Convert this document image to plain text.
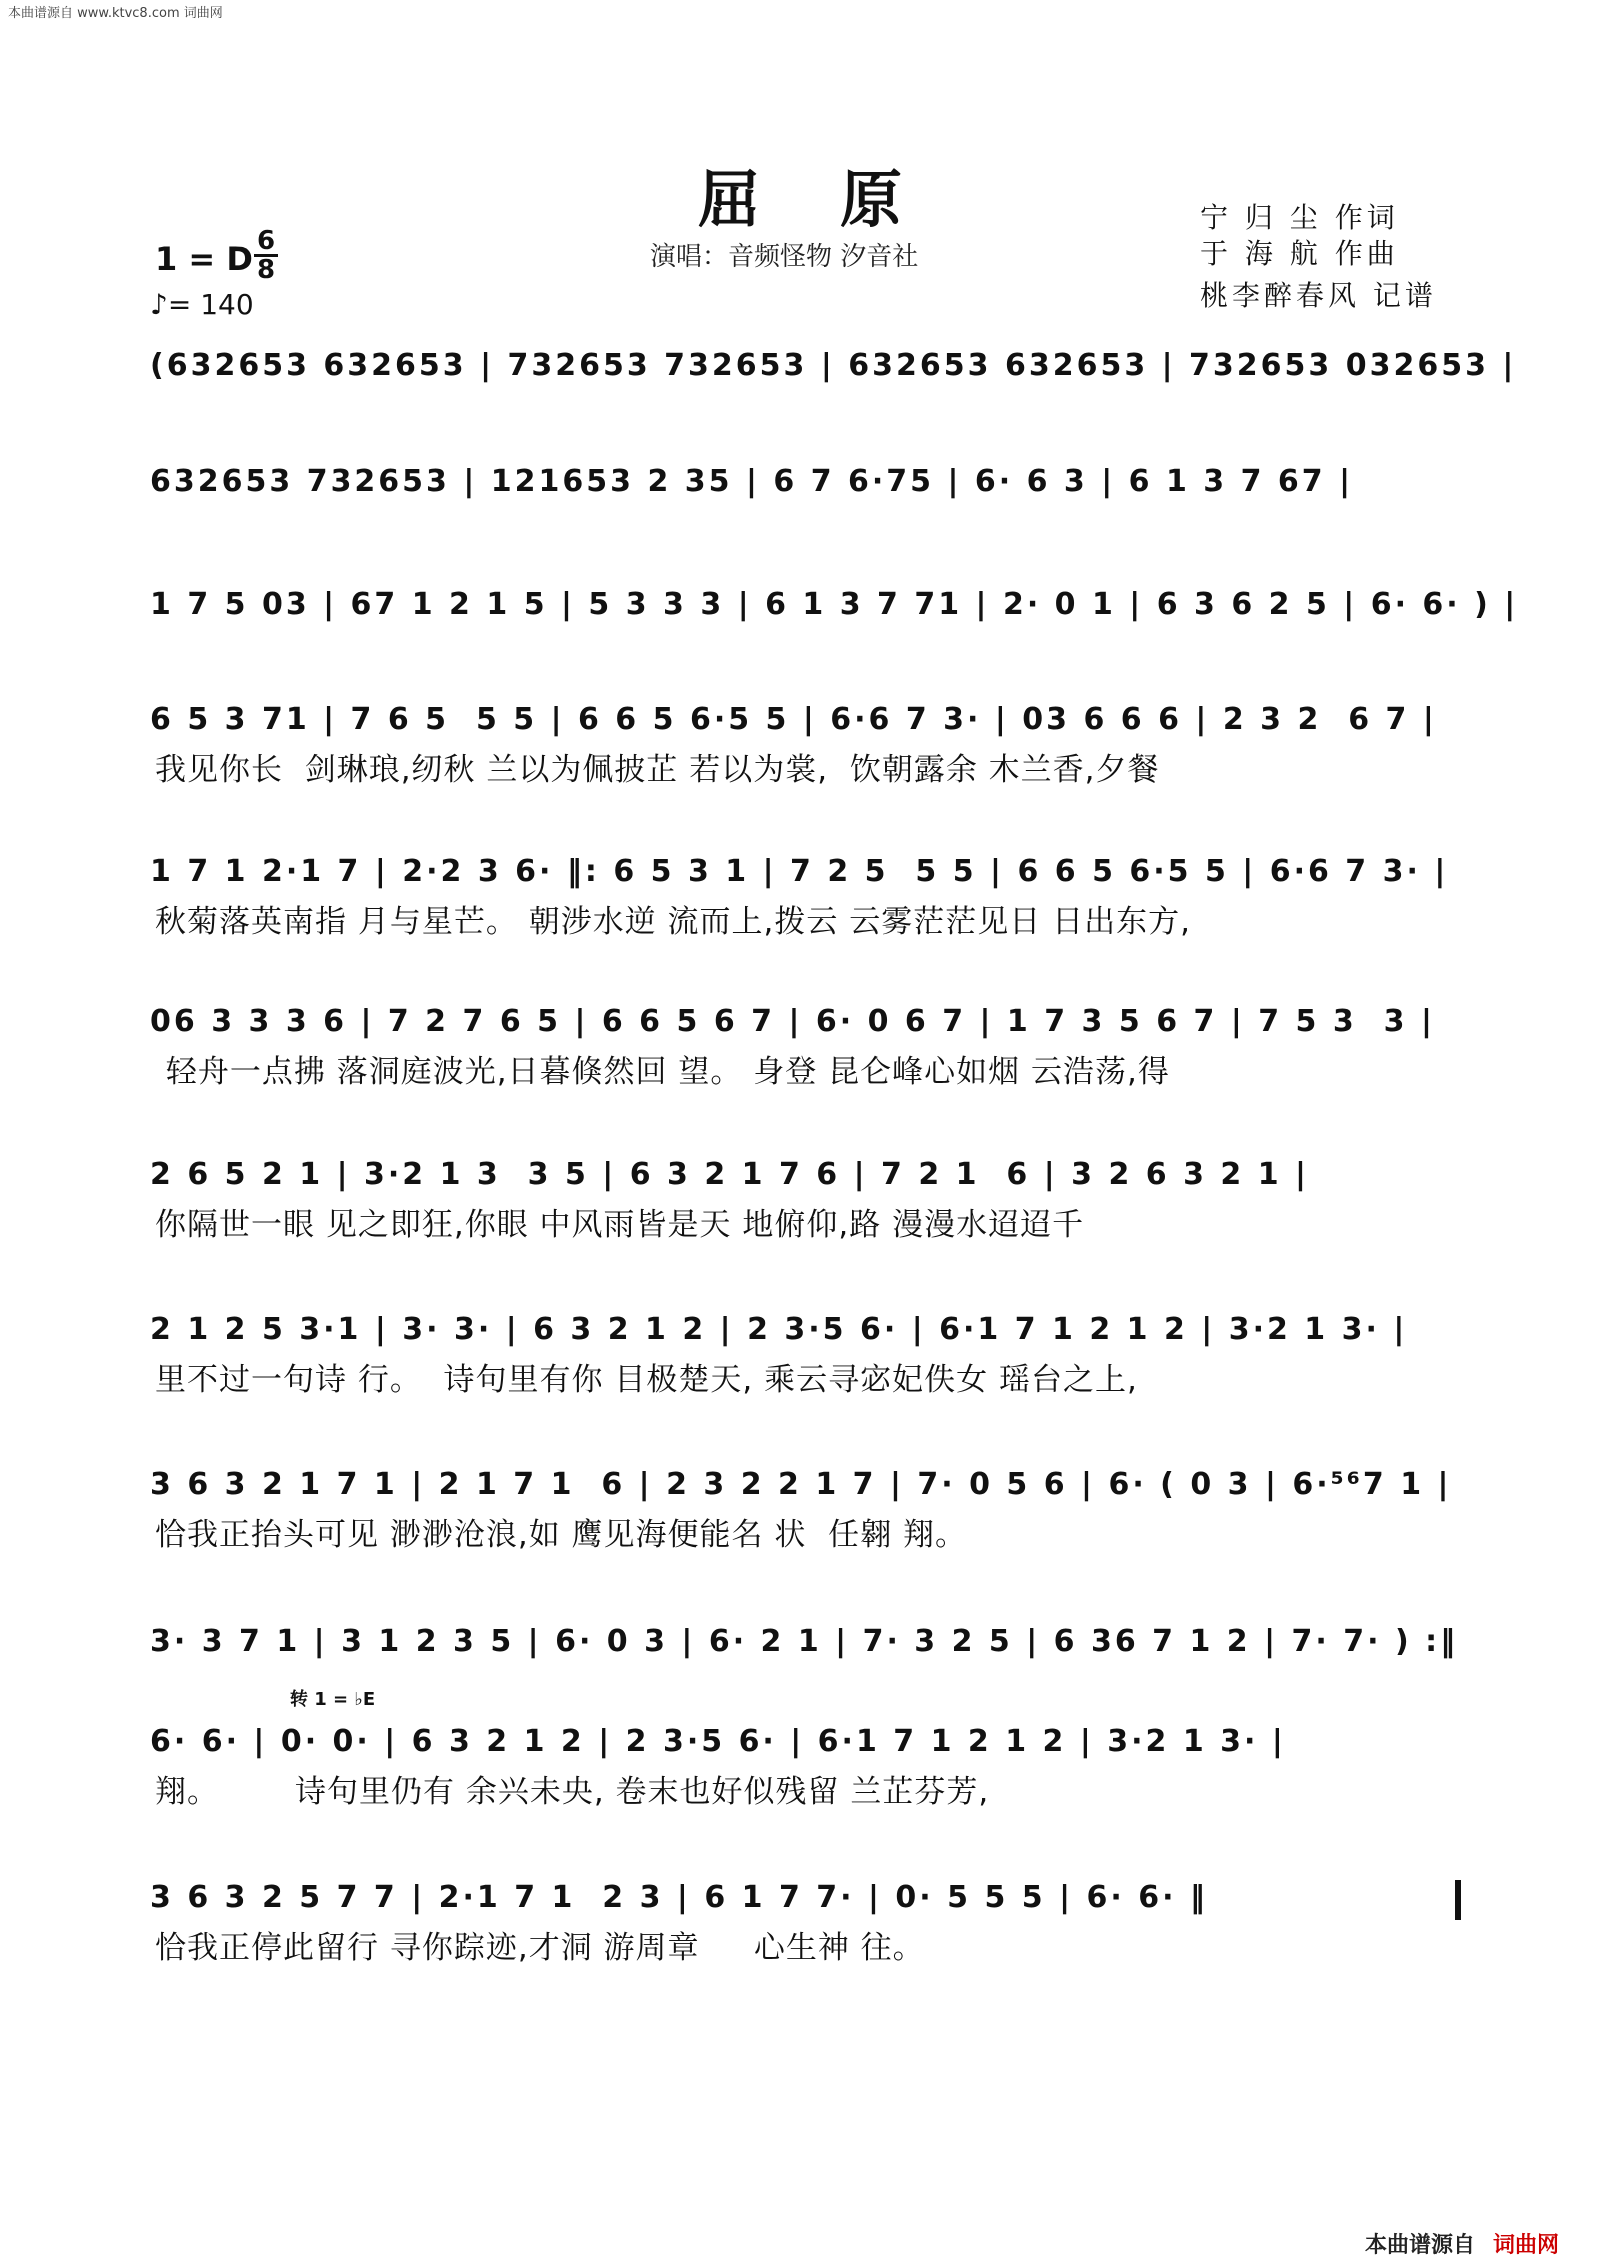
本曲谱源自 www.ktvc8.com 词曲网
屈原
演唱：音频怪物 汐音社
宁 归 尘 作词
于 海 航 作曲
桃李醉春风 记谱
1 = D 6
8
♪= 140
(632653 632653 | 732653 732653 | 632653 632653 | 732653 032653 |
632653 732653 | 121653 2 35 | 6 7 6·75 | 6· 6 3 | 6 1 3 7 67 |
1 7 5 03 | 67 1 2 1 5 | 5 3 3 3 | 6 1 3 7 71 | 2· 0 1 | 6 3 6 2 5 | 6· 6· ) |
6 5 3 71 | 7 6 5  5 5 | 6 6 5 6·5 5 | 6·6 7 3· | 03 6 6 6 | 2 3 2  6 7 |
我见你长  剑琳琅,纫秋 兰以为佩披芷 若以为裳,  饮朝露余 木兰香,夕餐
1 7 1 2·1 7 | 2·2 3 6· ‖: 6 5 3 1 | 7 2 5  5 5 | 6 6 5 6·5 5 | 6·6 7 3· |
秋菊落英南指 月与星芒。 朝涉水逆 流而上,拨云 云雾茫茫见日 日出东方,
06 3 3 3 6 | 7 2 7 6 5 | 6 6 5 6 7 | 6· 0 6 7 | 1 7 3 5 6 7 | 7 5 3  3 |
轻舟一点拂 落洞庭波光,日暮倏然回 望。 身登 昆仑峰心如烟 云浩荡,得
2 6 5 2 1 | 3·2 1 3  3 5 | 6 3 2 1 7 6 | 7 2 1  6 | 3 2 6 3 2 1 |
你隔世一眼 见之即狂,你眼 中风雨皆是天 地俯仰,路 漫漫水迢迢千
2 1 2 5 3·1 | 3· 3· | 6 3 2 1 2 | 2 3·5 6· | 6·1 7 1 2 1 2 | 3·2 1 3· |
里不过一句诗 行。  诗句里有你 目极楚天, 乘云寻宓妃佚女 瑶台之上,
3 6 3 2 1 7 1 | 2 1 7 1  6 | 2 3 2 2 1 7 | 7· 0 5 6 | 6· ( 0 3 | 6·⁵⁶7 1 |
恰我正抬头可见 渺渺沧浪,如 鹰见海便能名 状  任翱 翔。
3· 3 7 1 | 3 1 2 3 5 | 6· 0 3 | 6· 2 1 | 7· 3 2 5 | 6 36 7 1 2 | 7· 7· ) :‖
转 1 = ♭E
6· 6· | 0· 0· | 6 3 2 1 2 | 2 3·5 6· | 6·1 7 1 2 1 2 | 3·2 1 3· |
翔。       诗句里仍有 余兴未央, 卷末也好似残留 兰芷芬芳,
3 6 3 2 5 7 7 | 2·1 7 1  2 3 | 6 1 7 7· | 0· 5 5 5 | 6· 6· ‖
恰我正停此留行 寻你踪迹,才洞 游周章     心生神 往。
本曲谱源自 词曲网
